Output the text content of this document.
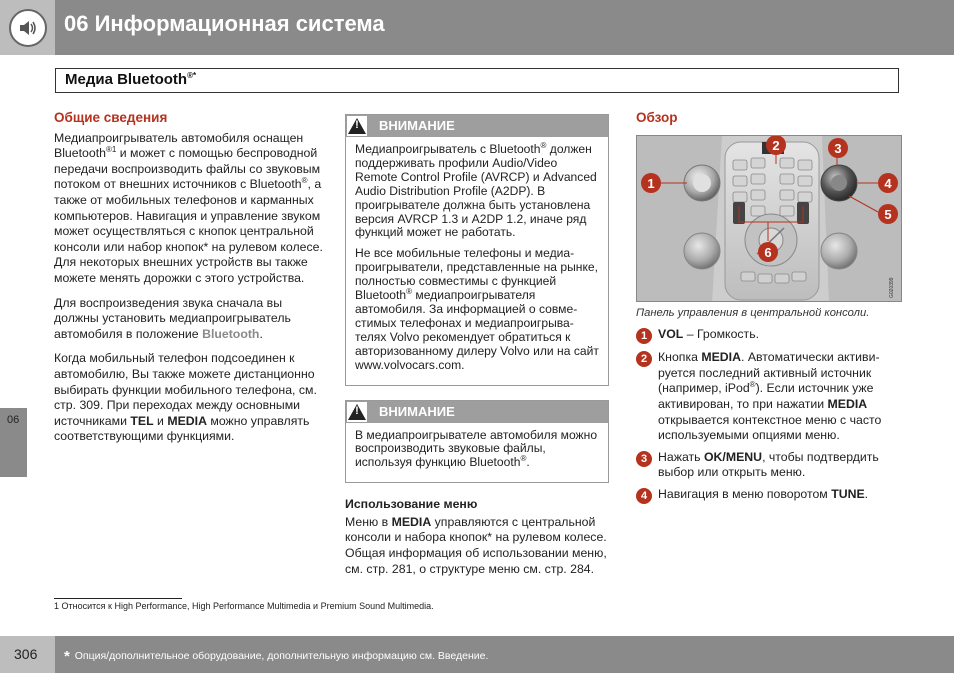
06 Информационная система
Медиа Bluetooth®*
Общие сведения

Медиапроигрыватель автомобиля оснащен Bluetooth$^{®1}$ и может с помощью беспроводной передачи воспроизводить файлы со звуковым потоком от внешних источников с Bluetooth®, а также от мобильных телефонов и карманных компьютеров. Навигация и управление звуком может осуществляться с кнопок центральной консоли или набор кнопок* на рулевом колесе. Для некоторых внешних устройств вы также можете менять дорожки с этого устройства.

Для воспроизведения звука сначала вы должны установить медиапроигрыватель автомобиля в положение Bluetooth.

Когда мобильный телефон подсоединен к автомобилю, Вы также можете дистанционно выбирать функции мобильного телефона, см. стр. 309. При переходах между основными источниками TEL и MEDIA можно управлять соответствующими функциями.

!	ВНИМАНИЕ

Медиапроигрыватель с Bluetooth® должен поддерживать профили Audio/Video Remote Control Profile (AVRCP) и Advanced Audio Distribution Profile (A2DP). В проигрывателе должна быть установлена версия AVRCP 1.3 и A2DP 1.2, иначе ряд функций может не работать.

Не все мобильные телефоны и медиапроигрыватели, представленные на рынке, полностью совместимы с функцией Bluetooth® медиапроигрывателя автомобиля. За информацией о совместимых телефонах и медиапроигрывателях Volvo рекомендует обратиться к авторизованному дилеру Volvo или на сайт www.volvocars.com.

!	ВНИМАНИЕ

В медиапроигрывателе автомобиля можно воспроизводить звуковые файлы, используя функцию Bluetooth®.

Использование меню

Меню в MEDIA управляются с центральной консоли и набора кнопок* на рулевом колесе. Общая информация об использовании меню, см. стр. 281, о структуре меню см. стр. 284.

Обзор
1
2	3
4
5
6
G020399
Панель управления в центральной консоли.
1 VOL – Громкость.
2 Кнопка MEDIA. Автоматически активируется последний активный источник (например, iPod®). Если источник уже активирован, то при нажатии MEDIA открывается контекстное меню с часто используемыми опциями меню.
3 Нажать OK/MENU, чтобы подтвердить выбор или открыть меню.
4 Навигация в меню поворотом TUNE.
06
1 Относится к High Performance, High Performance Multimedia и Premium Sound Multimedia.
306 * Опция/дополнительное оборудование, дополнительную информацию см. Введение.
